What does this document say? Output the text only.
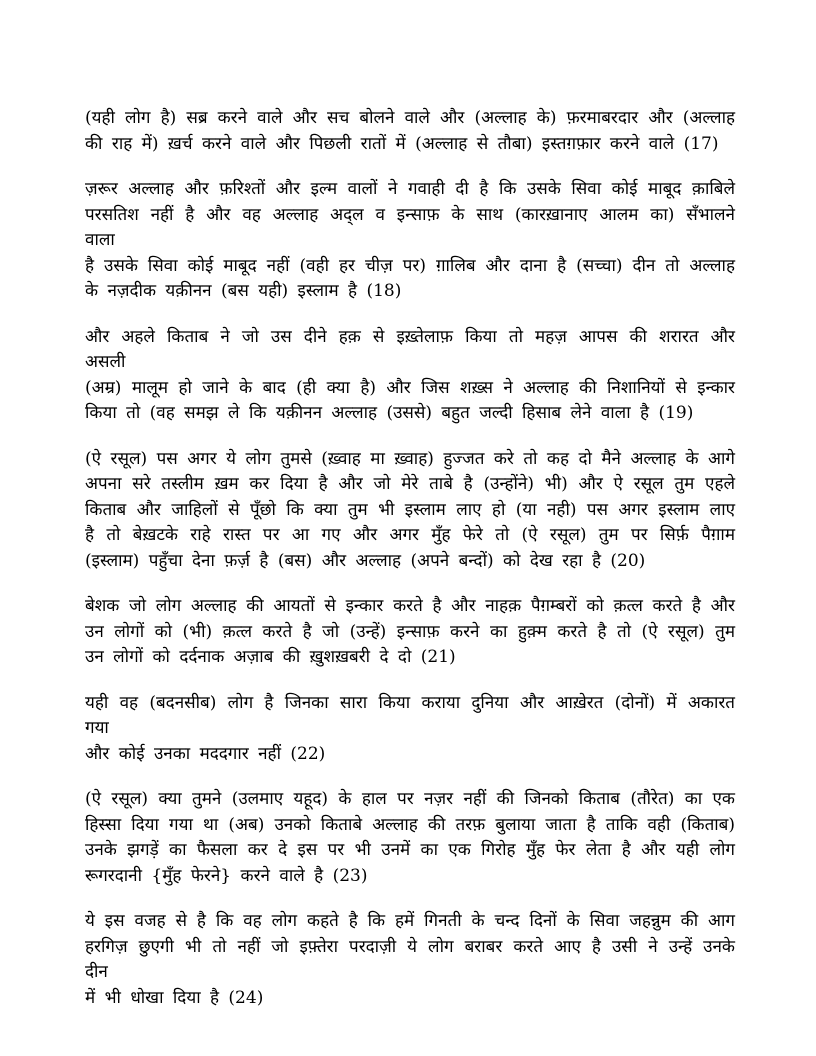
(यही लोग है) सब्र करने वाले और सच बोलने वाले और (अल्लाह के) फ़रमाबरदार और (अल्लाह
की राह में) ख़र्च करने वाले और पिछली रातों में (अल्लाह से तौबा) इस्तग़फ़ार करने वाले (17)
ज़रूर अल्लाह और फ़रिश्तों और इल्म वालों ने गवाही दी है कि उसके सिवा कोई माबूद क़ाबिले
परसतिश नहीं है और वह अल्लाह अद्ल व इन्साफ़ के साथ (कारख़ानाए आलम का) सँभालने वाला
है उसके सिवा कोई माबूद नहीं (वही हर चीज़ पर) ग़ालिब और दाना है (सच्चा) दीन तो अल्लाह
के नज़दीक यक़ीनन (बस यही) इस्लाम है (18)
और अहले किताब ने जो उस दीने हक़ से इख़्तेलाफ़ किया तो महज़ आपस की शरारत और असली
(अम्र) मालूम हो जाने के बाद (ही क्या है) और जिस शख़्स ने अल्लाह की निशानियों से इन्कार
किया तो (वह समझ ले कि यक़ीनन अल्लाह (उससे) बहुत जल्दी हिसाब लेने वाला है (19)
(ऐ रसूल) पस अगर ये लोग तुमसे (ख़्वाह मा ख़्वाह) हुज्जत करे तो कह दो मैने अल्लाह के आगे
अपना सरे तस्लीम ख़म कर दिया है और जो मेरे ताबे है (उन्होंने) भी) और ऐ रसूल तुम एहले
किताब और जाहिलों से पूँछो कि क्या तुम भी इस्लाम लाए हो (या नही) पस अगर इस्लाम लाए
है तो बेख़टके राहे रास्त पर आ गए और अगर मुँह फेरे तो (ऐ रसूल) तुम पर सिर्फ़ पैग़ाम
(इस्लाम) पहुँचा देना फ़र्ज़ है (बस) और अल्लाह (अपने बन्दों) को देख रहा है (20)
बेशक जो लोग अल्लाह की आयतों से इन्कार करते है और नाहक़ पैग़म्बरों को क़त्ल करते है और
उन लोगों को (भी) क़त्ल करते है जो (उन्हें) इन्साफ़ करने का हुक़्म करते है तो (ऐ रसूल) तुम
उन लोगों को दर्दनाक अज़ाब की ख़ुशख़बरी दे दो (21)
यही वह (बदनसीब) लोग है जिनका सारा किया कराया दुनिया और आख़ेरत (दोनों) में अकारत गया
और कोई उनका मददगार नहीं (22)
(ऐ रसूल) क्या तुमने (उलमाए यहूद) के हाल पर नज़र नहीं की जिनको किताब (तौरेत) का एक
हिस्सा दिया गया था (अब) उनको किताबे अल्लाह की तरफ़ बुलाया जाता है ताकि वही (किताब)
उनके झगड़ें का फैसला कर दे इस पर भी उनमें का एक गिरोह मुँह फेर लेता है और यही लोग
रूगरदानी {मुँह फेरने} करने वाले है (23)
ये इस वजह से है कि वह लोग कहते है कि हमें गिनती के चन्द दिनों के सिवा जहन्नुम की आग
हरगिज़ छुएगी भी तो नहीं जो इफ़्तेरा परदाज़ी ये लोग बराबर करते आए है उसी ने उन्हें उनके दीन
में भी धोखा दिया है (24)
